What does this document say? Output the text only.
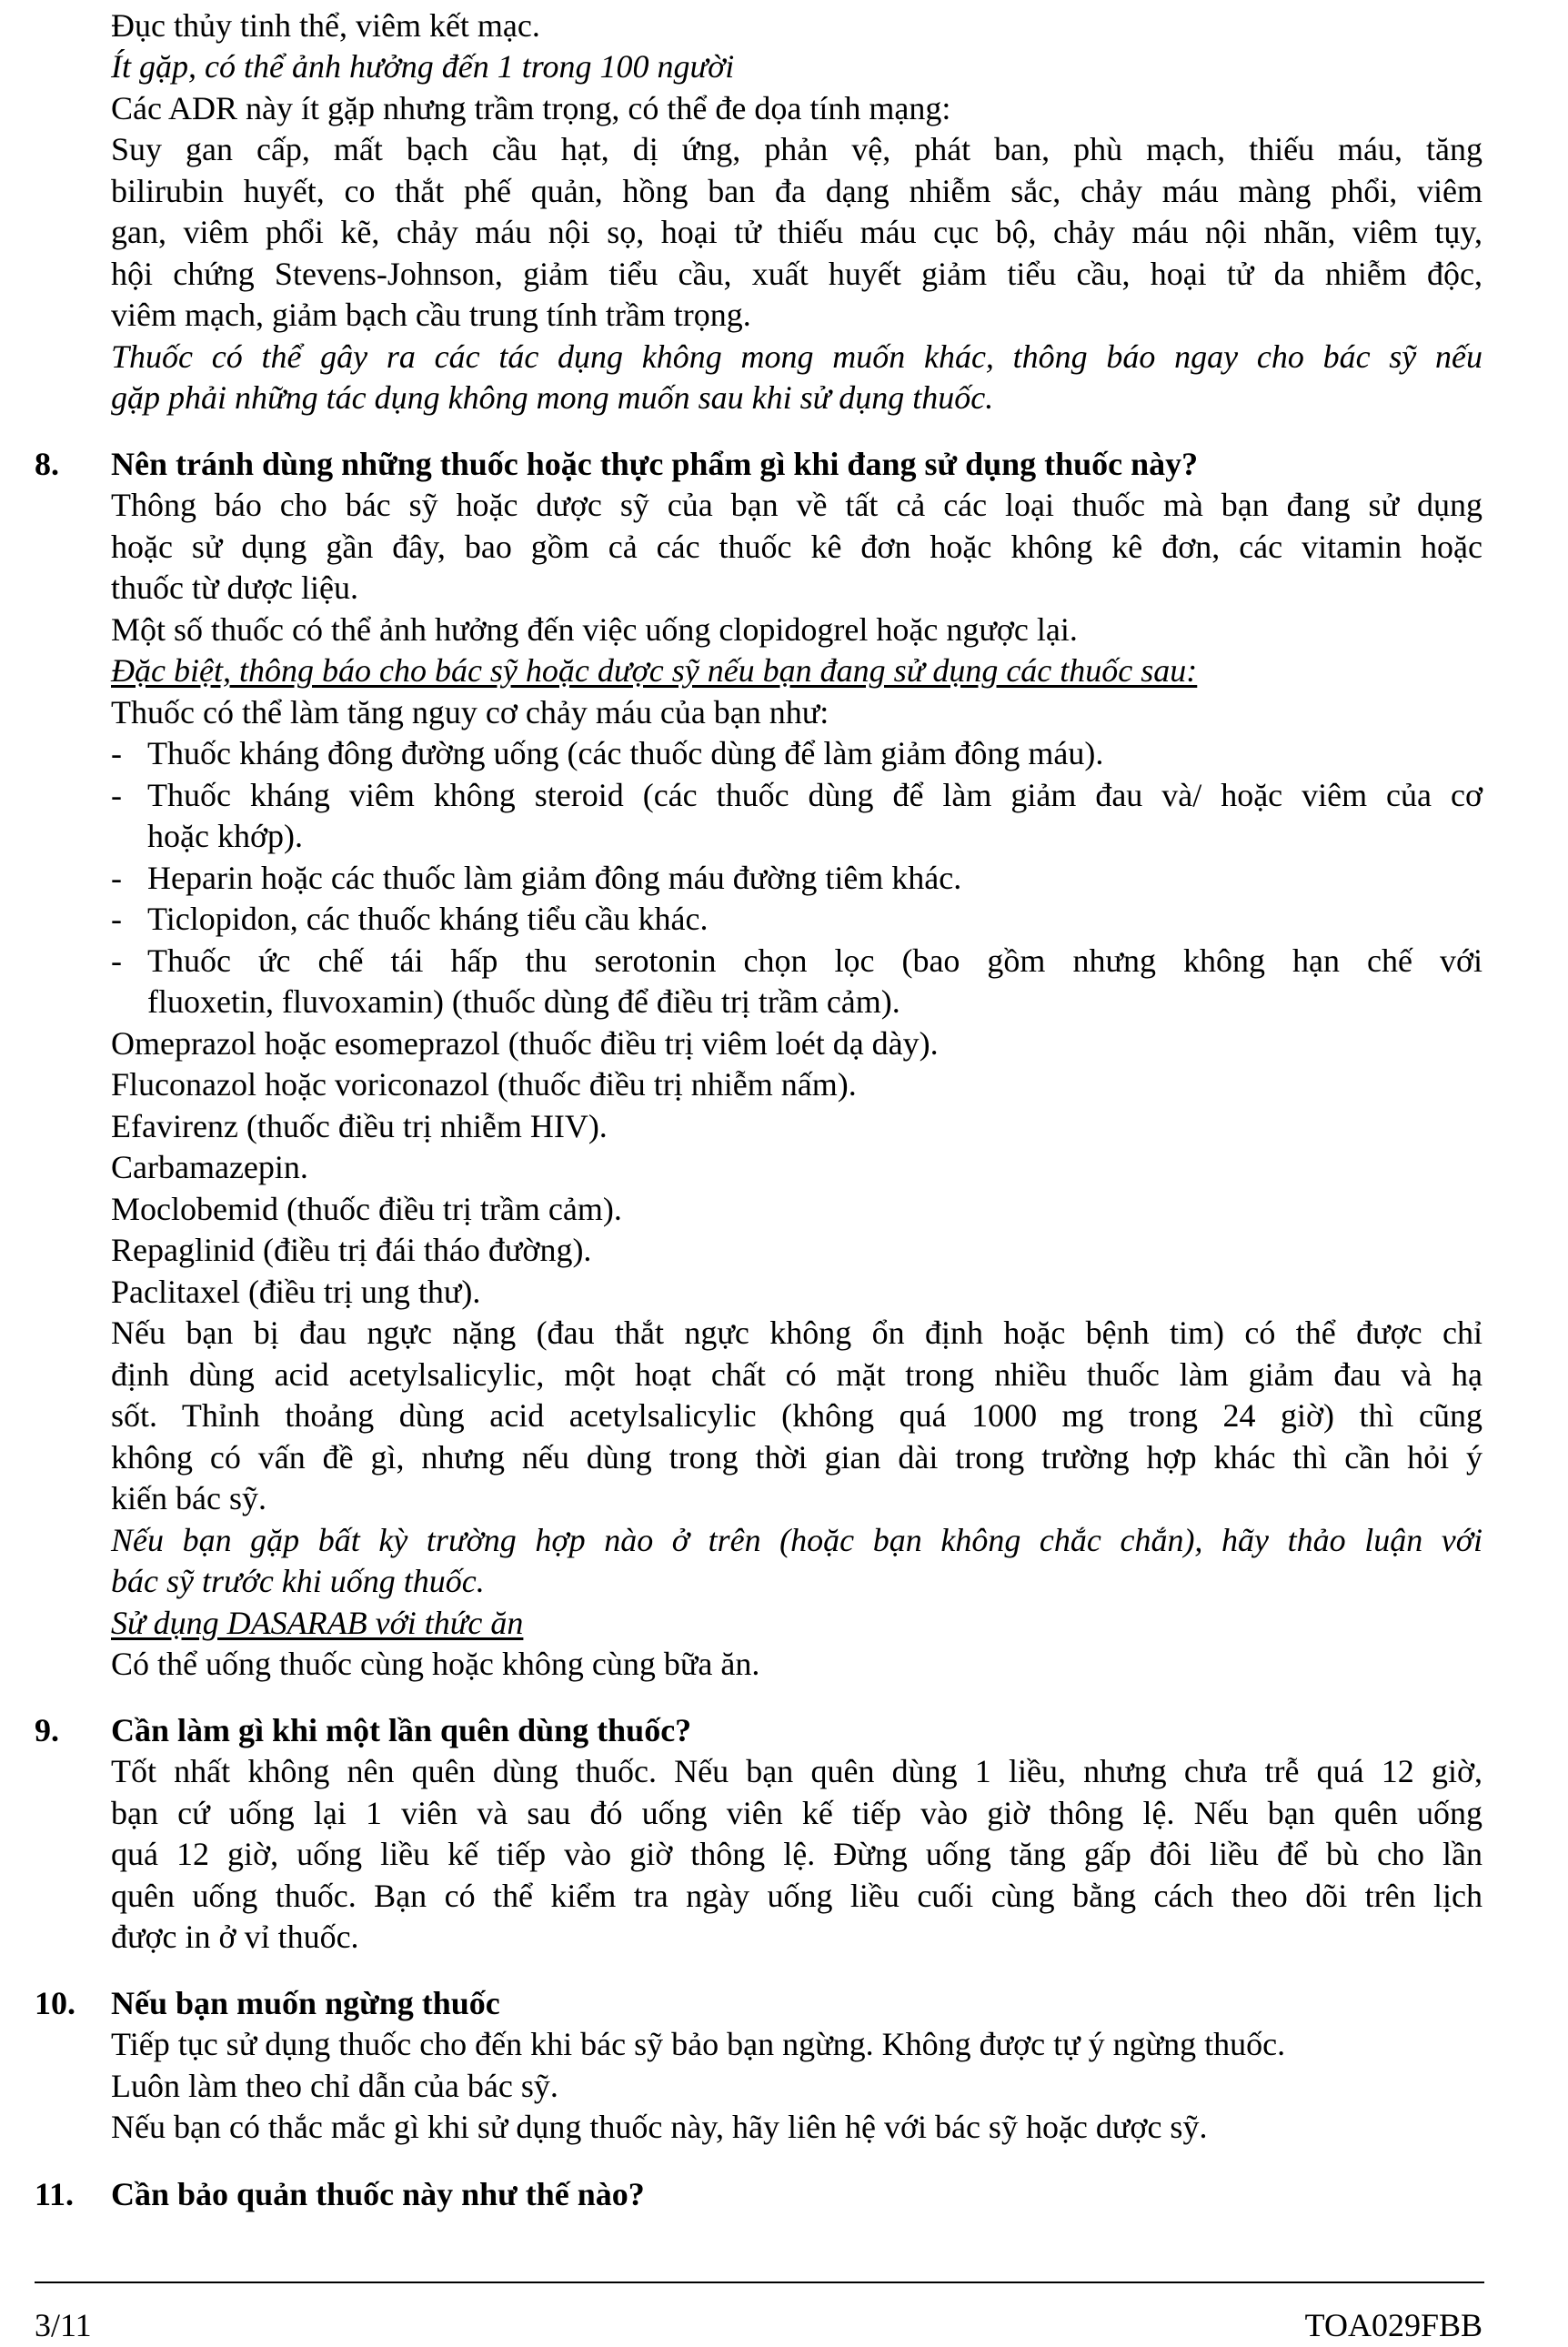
Đục thủy tinh thể, viêm kết mạc.
Ít gặp, có thể ảnh hưởng đến 1 trong 100 người
Các ADR này ít gặp nhưng trầm trọng, có thể đe dọa tính mạng:
Suy gan cấp, mất bạch cầu hạt, dị ứng, phản vệ, phát ban, phù mạch, thiếu máu, tăng
bilirubin huyết, co thắt phế quản, hồng ban đa dạng nhiễm sắc, chảy máu màng phổi, viêm
gan, viêm phổi kẽ, chảy máu nội sọ, hoại tử thiếu máu cục bộ, chảy máu nội nhãn, viêm tụy,
hội chứng Stevens-Johnson, giảm tiểu cầu, xuất huyết giảm tiểu cầu, hoại tử da nhiễm độc,
viêm mạch, giảm bạch cầu trung tính trầm trọng.
Thuốc có thể gây ra các tác dụng không mong muốn khác, thông báo ngay cho bác sỹ nếu
gặp phải những tác dụng không mong muốn sau khi sử dụng thuốc.
8. Nên tránh dùng những thuốc hoặc thực phẩm gì khi đang sử dụng thuốc này?
Thông báo cho bác sỹ hoặc dược sỹ của bạn về tất cả các loại thuốc mà bạn đang sử dụng
hoặc sử dụng gần đây, bao gồm cả các thuốc kê đơn hoặc không kê đơn, các vitamin hoặc
thuốc từ dược liệu.
Một số thuốc có thể ảnh hưởng đến việc uống clopidogrel hoặc ngược lại.
Đặc biệt, thông báo cho bác sỹ hoặc dược sỹ nếu bạn đang sử dụng các thuốc sau:
Thuốc có thể làm tăng nguy cơ chảy máu của bạn như:
- Thuốc kháng đông đường uống (các thuốc dùng để làm giảm đông máu).
- Thuốc kháng viêm không steroid (các thuốc dùng để làm giảm đau và/ hoặc viêm của cơ
hoặc khớp).
- Heparin hoặc các thuốc làm giảm đông máu đường tiêm khác.
- Ticlopidon, các thuốc kháng tiểu cầu khác.
- Thuốc ức chế tái hấp thu serotonin chọn lọc (bao gồm nhưng không hạn chế với
fluoxetin, fluvoxamin) (thuốc dùng để điều trị trầm cảm).
Omeprazol hoặc esomeprazol (thuốc điều trị viêm loét dạ dày).
Fluconazol hoặc voriconazol (thuốc điều trị nhiễm nấm).
Efavirenz (thuốc điều trị nhiễm HIV).
Carbamazepin.
Moclobemid (thuốc điều trị trầm cảm).
Repaglinid (điều trị đái tháo đường).
Paclitaxel (điều trị ung thư).
Nếu bạn bị đau ngực nặng (đau thắt ngực không ổn định hoặc bệnh tim) có thể được chỉ
định dùng acid acetylsalicylic, một hoạt chất có mặt trong nhiều thuốc làm giảm đau và hạ
sốt. Thỉnh thoảng dùng acid acetylsalicylic (không quá 1000 mg trong 24 giờ) thì cũng
không có vấn đề gì, nhưng nếu dùng trong thời gian dài trong trường hợp khác thì cần hỏi ý
kiến bác sỹ.
Nếu bạn gặp bất kỳ trường hợp nào ở trên (hoặc bạn không chắc chắn), hãy thảo luận với
bác sỹ trước khi uống thuốc.
Sử dụng DASARAB với thức ăn
Có thể uống thuốc cùng hoặc không cùng bữa ăn.
9. Cần làm gì khi một lần quên dùng thuốc?
Tốt nhất không nên quên dùng thuốc. Nếu bạn quên dùng 1 liều, nhưng chưa trễ quá 12 giờ,
bạn cứ uống lại 1 viên và sau đó uống viên kế tiếp vào giờ thông lệ. Nếu bạn quên uống
quá 12 giờ, uống liều kế tiếp vào giờ thông lệ. Đừng uống tăng gấp đôi liều để bù cho lần
quên uống thuốc. Bạn có thể kiểm tra ngày uống liều cuối cùng bằng cách theo dõi trên lịch
được in ở vỉ thuốc.
10. Nếu bạn muốn ngừng thuốc
Tiếp tục sử dụng thuốc cho đến khi bác sỹ bảo bạn ngừng. Không được tự ý ngừng thuốc.
Luôn làm theo chỉ dẫn của bác sỹ.
Nếu bạn có thắc mắc gì khi sử dụng thuốc này, hãy liên hệ với bác sỹ hoặc dược sỹ.
11. Cần bảo quản thuốc này như thế nào?
3/11	TOA029FBB
